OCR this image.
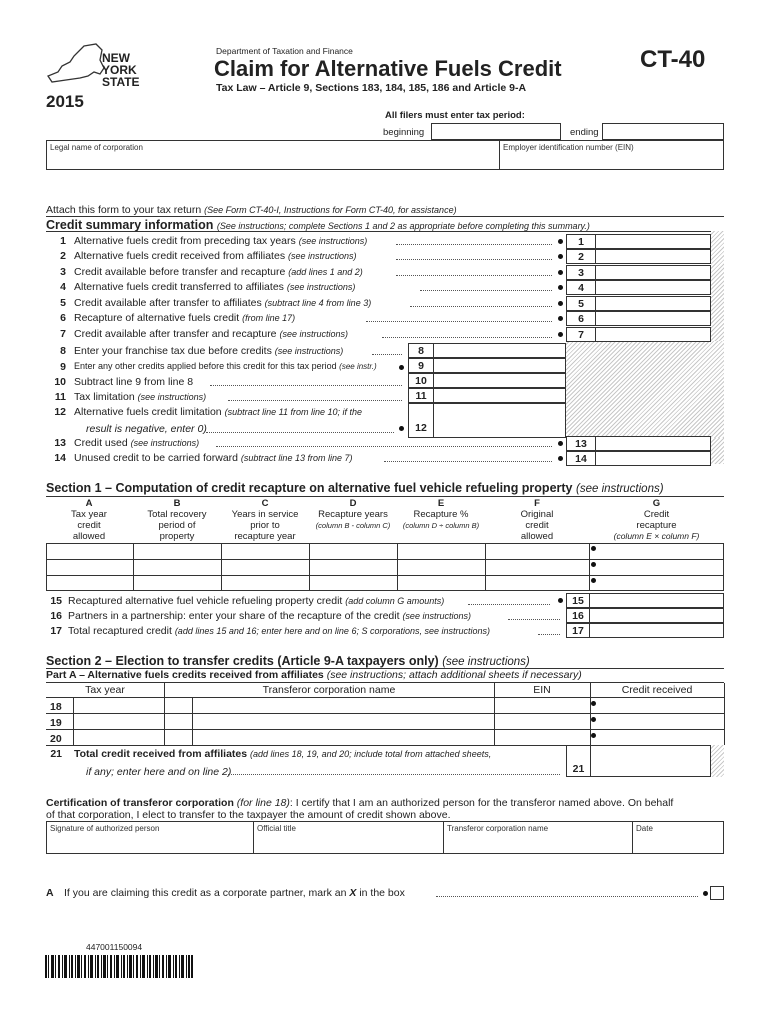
NEW
YORK
STATE
2015
Department of Taxation and Finance
Claim for Alternative Fuels Credit
Tax Law – Article 9, Sections 183, 184, 185, 186 and Article 9-A
CT-40
All filers must enter tax period:
beginning	ending
Legal name of corporation	Employer identification number (EIN)
Attach this form to your tax return (See Form CT-40-I, Instructions for Form CT-40, for assistance)
Credit summary information (See instructions; complete Sections 1 and 2 as appropriate before completing this summary.)
1 Alternative fuels credit from preceding tax years (see instructions)	1
2 Alternative fuels credit received from affiliates (see instructions)	2
3 Credit available before transfer and recapture (add lines 1 and 2)	3
4 Alternative fuels credit transferred to affiliates (see instructions)	4
5 Credit available after transfer to affiliates (subtract line 4 from line 3)	5
6 Recapture of alternative fuels credit (from line 17)	6
7 Credit available after transfer and recapture (see instructions)	7
8 Enter your franchise tax due before credits (see instructions)	8
9 Enter any other credits applied before this credit for this tax period (see instr.)	9
10 Subtract line 9 from line 8	10
11 Tax limitation (see instructions)	11
12 Alternative fuels credit limitation (subtract line 11 from line 10; if the
result is negative, enter 0)	12
13 Credit used (see instructions)	13
14 Unused credit to be carried forward (subtract line 13 from line 7)	14
Section 1 – Computation of credit recapture on alternative fuel vehicle refueling property (see instructions)
A
Tax year
credit
allowed
B
Total recovery
period of
property
C
Years in service
prior to
recapture year
D
Recapture years
(column B - column C)
E
Recapture %
(column D ÷ column B)
F
Original
credit
allowed
G
Credit
recapture
(column E × column F)
15 Recaptured alternative fuel vehicle refueling property credit (add column G amounts)	15
16 Partners in a partnership: enter your share of the recapture of the credit (see instructions)	16
17 Total recaptured credit (add lines 15 and 16; enter here and on line 6; S corporations, see instructions)	17
Section 2 – Election to transfer credits (Article 9-A taxpayers only) (see instructions)
Part A – Alternative fuels credits received from affiliates (see instructions; attach additional sheets if necessary)
Tax year	Transferor corporation name	EIN	Credit received
18
19
20
21 Total credit received from affiliates (add lines 18, 19, and 20; include total from attached sheets,
if any; enter here and on line 2)	21
Certification of transferor corporation (for line 18): I certify that I am an authorized person for the transferor named above. On behalf
of that corporation, I elect to transfer to the taxpayer the amount of credit shown above.
Signature of authorized person	Official title	Transferor corporation name	Date
A If you are claiming this credit as a corporate partner, mark an X in the box
447001150094
